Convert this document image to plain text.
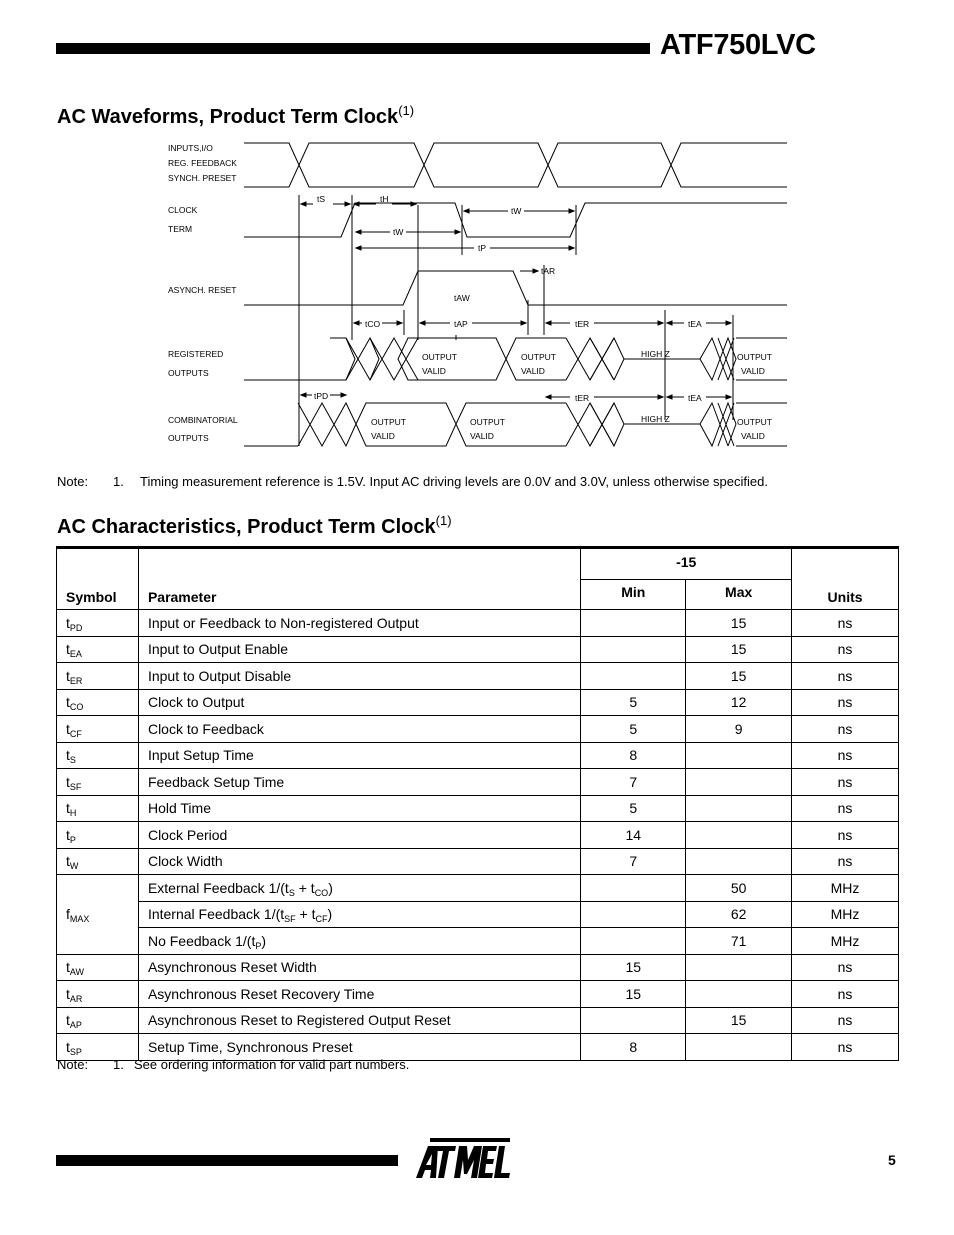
ATF750LVC
AC Waveforms, Product Term Clock$^{(1)}$
INPUTS,I/O
REG. FEEDBACK
SYNCH. PRESET
CLOCK
TERM
ASYNCH. RESET
REGISTERED
OUTPUTS
COMBINATORIAL
OUTPUTS
tS	tH
tW
tW
tP
tAR
tAW
tCO	tAP	tER	tEA
tPD	tER	tEA
OUTPUT
VALID
OUTPUT
VALID
HIGH Z	OUTPUT
VALID
OUTPUT
VALID
OUTPUT
VALID
HIGH Z	OUTPUT
VALID
Note: 1. Timing measurement reference is 1.5V. Input AC driving levels are 0.0V and 3.0V, unless otherwise specified.
AC Characteristics, Product Term Clock$^{(1)}$
Symbol	Parameter	-15		Units
		Min	Max	
$t_{PD}$	Input or Feedback to Non-registered Output		15	ns
$t_{EA}$	Input to Output Enable		15	ns
$t_{ER}$	Input to Output Disable		15	ns
$t_{CO}$	Clock to Output	5	12	ns
$t_{CF}$	Clock to Feedback	5	9	ns
$t_S$	Input Setup Time	8		ns
$t_{SF}$	Feedback Setup Time	7		ns
$t_H$	Hold Time	5		ns
$t_P$	Clock Period	14		ns
$t_W$	Clock Width	7		ns
$f_{MAX}$	External Feedback $1/(t_S + t_{CO})$		50	MHz
	Internal Feedback $1/(t_{SF} + t_{CF})$		62	MHz
	No Feedback $1/(t_P)$		71	MHz
$t_{AW}$	Asynchronous Reset Width	15		ns
$t_{AR}$	Asynchronous Reset Recovery Time	15		ns
$t_{AP}$	Asynchronous Reset to Registered Output Reset		15	ns
$t_{SP}$	Setup Time, Synchronous Preset	8		ns
Note: 1. See ordering information for valid part numbers.
ATMEL
5
